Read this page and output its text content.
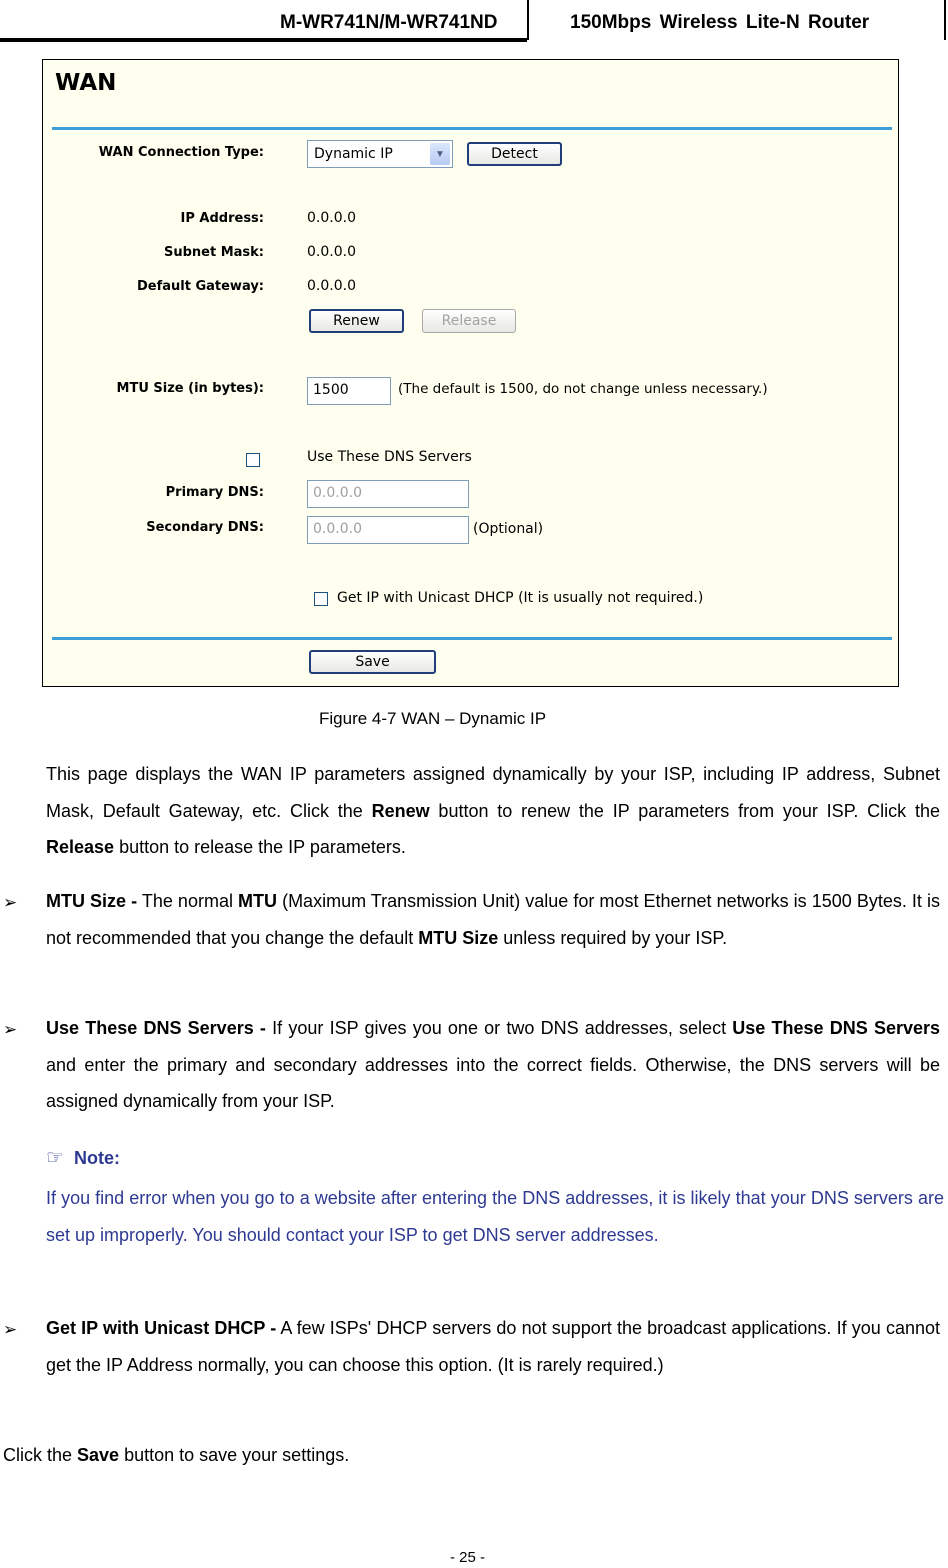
M-WR741N/M-WR741ND	150Mbps Wireless Lite-N Router
WAN
WAN Connection Type:	Dynamic IP	▼	Detect
IP Address:	0.0.0.0
Subnet Mask:	0.0.0.0
Default Gateway:	0.0.0.0
Renew	Release
MTU Size (in bytes):	1500	(The default is 1500, do not change unless necessary.)
Use These DNS Servers
Primary DNS:	0.0.0.0
Secondary DNS:	0.0.0.0	(Optional)
Get IP with Unicast DHCP (It is usually not required.)
Save
Figure 4-7 WAN – Dynamic IP
This page displays the WAN IP parameters assigned dynamically by your ISP, including IP address, Subnet Mask, Default Gateway, etc. Click the Renew button to renew the IP parameters from your ISP. Click the Release button to release the IP parameters.
➢ MTU Size - The normal MTU (Maximum Transmission Unit) value for most Ethernet networks is 1500 Bytes. It is not recommended that you change the default MTU Size unless required by your ISP.
➢ Use These DNS Servers - If your ISP gives you one or two DNS addresses, select Use These DNS Servers and enter the primary and secondary addresses into the correct fields. Otherwise, the DNS servers will be assigned dynamically from your ISP.
☞ Note:
If you find error when you go to a website after entering the DNS addresses, it is likely that your DNS servers are set up improperly. You should contact your ISP to get DNS server addresses.
➢ Get IP with Unicast DHCP - A few ISPs' DHCP servers do not support the broadcast applications. If you cannot get the IP Address normally, you can choose this option. (It is rarely required.)
Click the Save button to save your settings.
- 25 -
